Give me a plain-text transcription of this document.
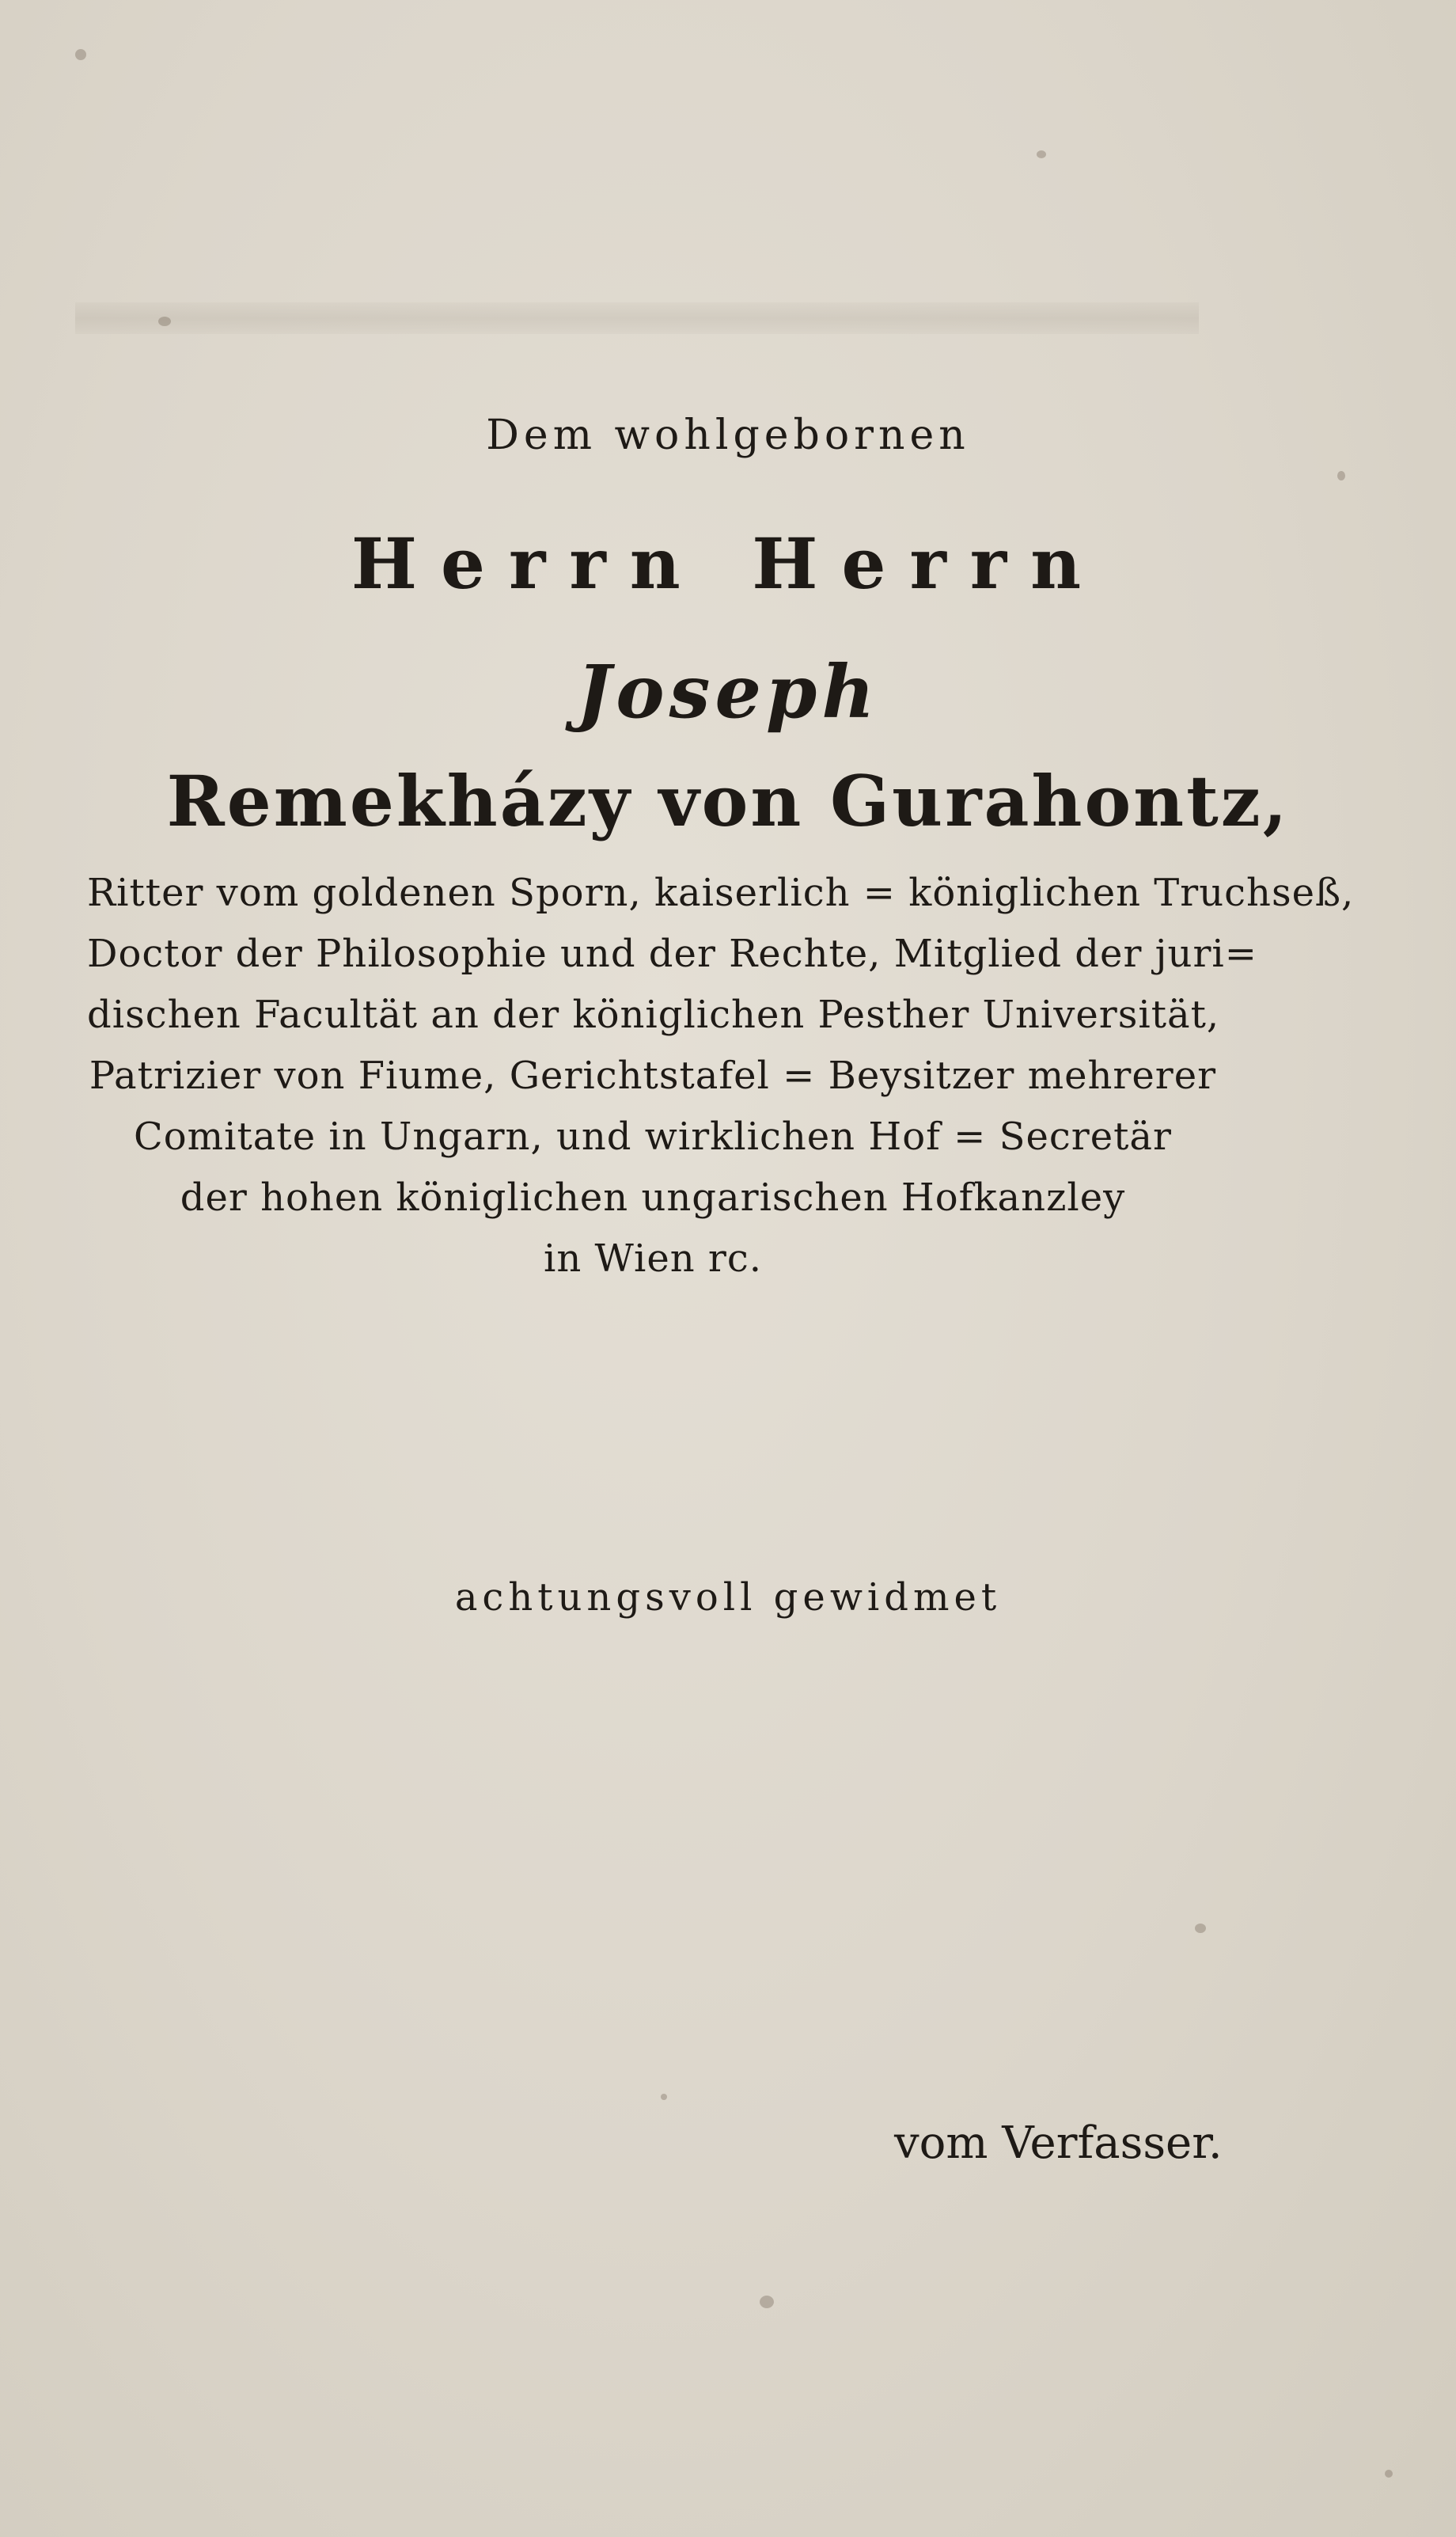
Dem wohlgebornen
Herrn Herrn
Joseph
Remekházy von Gurahontz,
Ritter vom goldenen Sporn, kaiserlich = königlichen Truchseß,
Doctor der Philosophie und der Rechte, Mitglied der juri=
dischen Facultät an der königlichen Pesther Universität,
Patrizier von Fiume, Gerichtstafel = Beysitzer mehrerer
Comitate in Ungarn, und wirklichen Hof = Secretär
der hohen königlichen ungarischen Hofkanzley
in Wien rc.
achtungsvoll gewidmet
vom Verfasser.
